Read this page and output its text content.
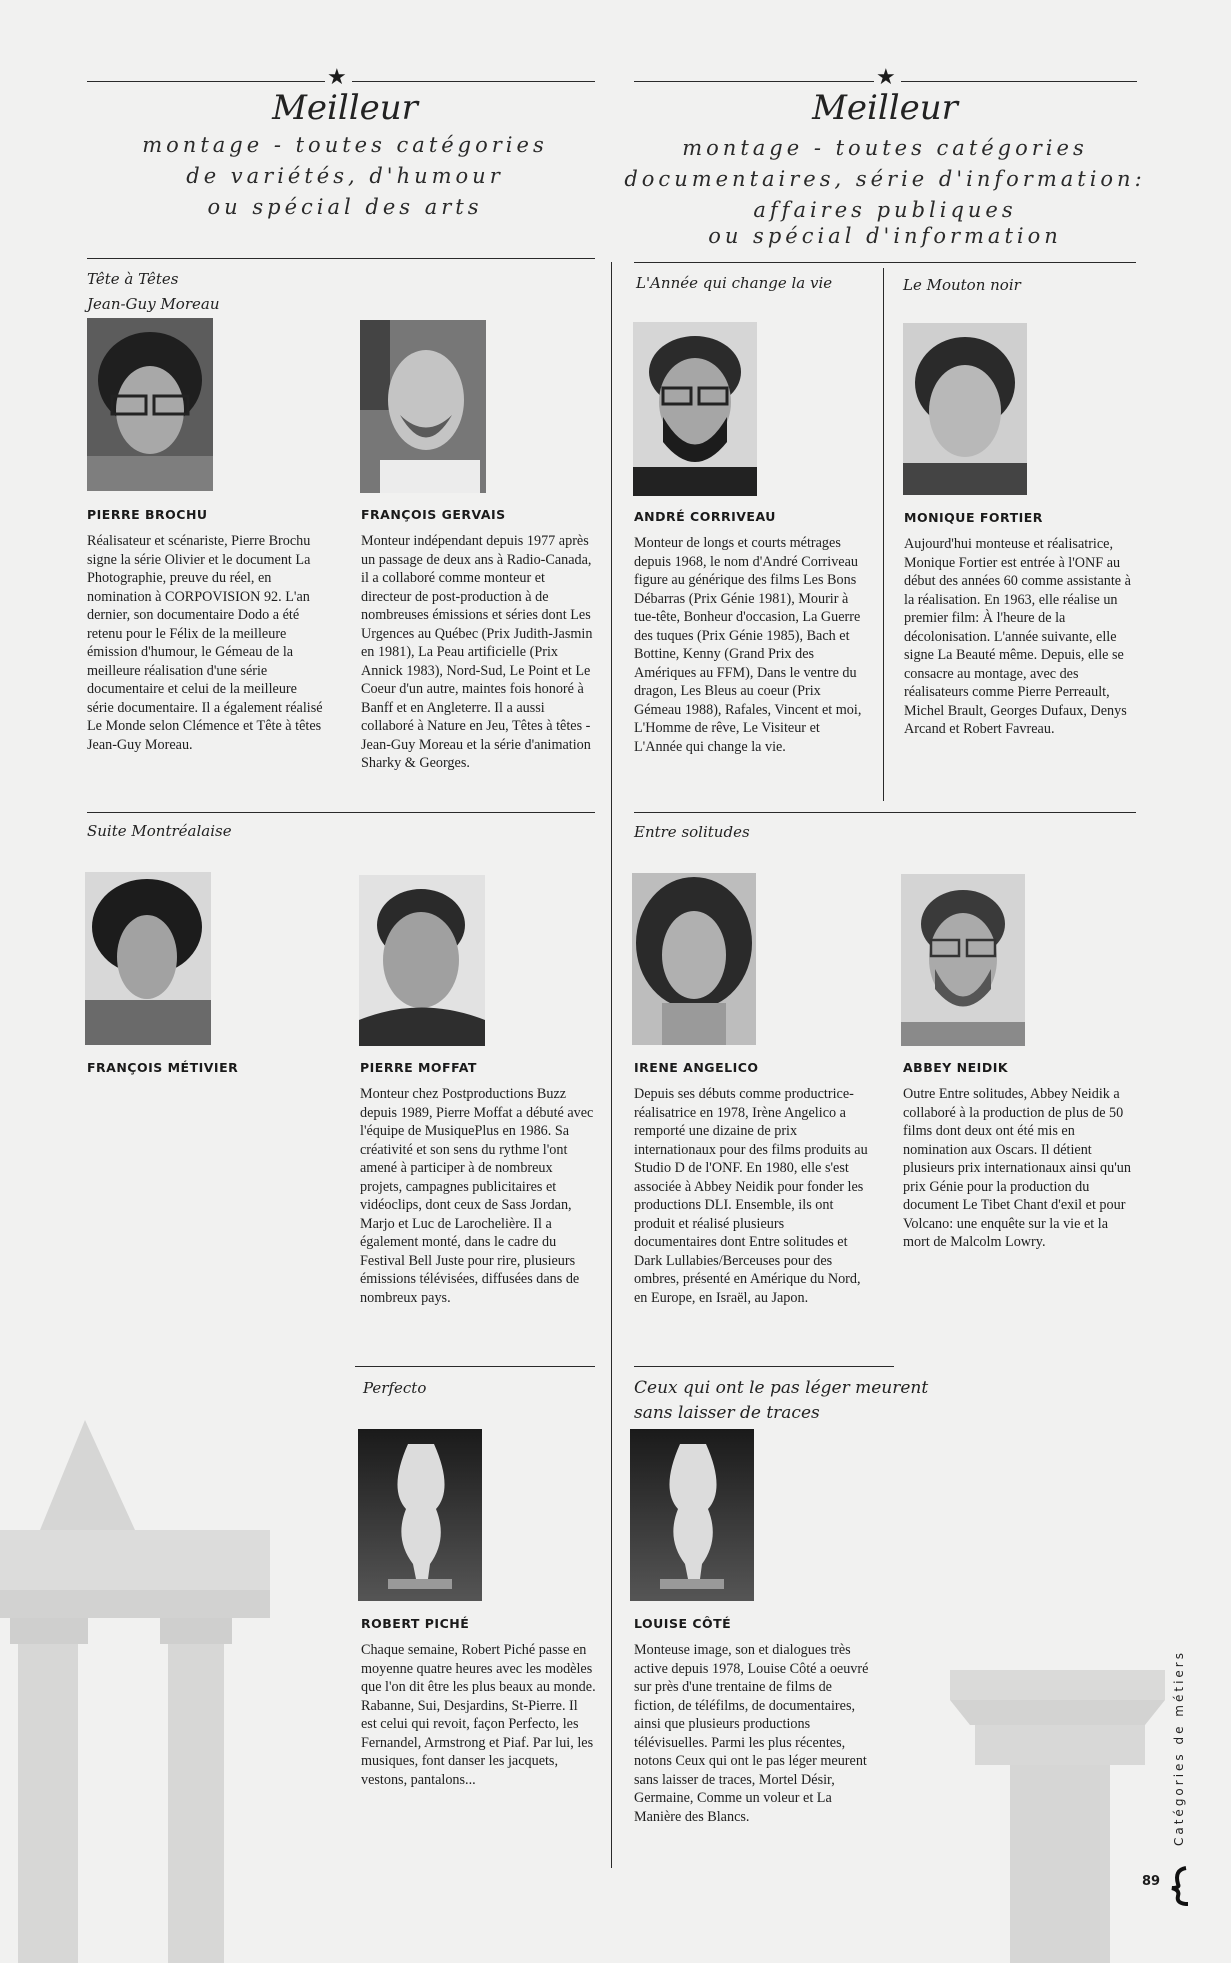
★
Meilleur
montage - toutes catégories
de variétés, d'humour
ou spécial des arts
★
Meilleur
montage - toutes catégories
documentaires, série d'information:
affaires publiques
ou spécial d'information
Tête à Têtes
Jean-Guy Moreau
PIERRE BROCHU	FRANÇOIS GERVAIS
Réalisateur et scénariste, Pierre Brochu signe la série Olivier et le document La Photographie, preuve du réel, en nomination à CORPOVISION 92. L'an dernier, son documentaire Dodo a été retenu pour le Félix de la meilleure émission d'humour, le Gémeau de la meilleure réalisation d'une série documentaire et celui de la meilleure série documentaire. Il a également réalisé Le Monde selon Clémence et Tête à têtes Jean-Guy Moreau.
Monteur indépendant depuis 1977 après un passage de deux ans à Radio-Canada, il a collaboré comme monteur et directeur de post-production à de nombreuses émissions et séries dont Les Urgences au Québec (Prix Judith-Jasmin en 1981), La Peau artificielle (Prix Annick 1983), Nord-Sud, Le Point et Le Coeur d'un autre, maintes fois honoré à Banff et en Angleterre. Il a aussi collaboré à Nature en Jeu, Têtes à têtes - Jean-Guy Moreau et la série d'animation Sharky & Georges.
Suite Montréalaise
FRANÇOIS MÉTIVIER	PIERRE MOFFAT
Monteur chez Postproductions Buzz depuis 1989, Pierre Moffat a débuté avec l'équipe de MusiquePlus en 1986. Sa créativité et son sens du rythme l'ont amené à participer à de nombreux projets, campagnes publicitaires et vidéoclips, dont ceux de Sass Jordan, Marjo et Luc de Larochelière. Il a également monté, dans le cadre du Festival Bell Juste pour rire, plusieurs émissions télévisées, diffusées dans de nombreux pays.
Perfecto
ROBERT PICHÉ
Chaque semaine, Robert Piché passe en moyenne quatre heures avec les modèles que l'on dit être les plus beaux au monde. Rabanne, Sui, Desjardins, St-Pierre. Il est celui qui revoit, façon Perfecto, les Fernandel, Armstrong et Piaf. Par lui, les musiques, font danser les jacquets, vestons, pantalons...
L'Année qui change la vie
ANDRÉ CORRIVEAU
Monteur de longs et courts métrages depuis 1968, le nom d'André Corriveau figure au générique des films Les Bons Débarras (Prix Génie 1981), Mourir à tue-tête, Bonheur d'occasion, La Guerre des tuques (Prix Génie 1985), Bach et Bottine, Kenny (Grand Prix des Amériques au FFM), Dans le ventre du dragon, Les Bleus au coeur (Prix Gémeau 1988), Rafales, Vincent et moi, L'Homme de rêve, Le Visiteur et L'Année qui change la vie.
Le Mouton noir
MONIQUE FORTIER
Aujourd'hui monteuse et réalisatrice, Monique Fortier est entrée à l'ONF au début des années 60 comme assistante à la réalisation. En 1963, elle réalise un premier film: À l'heure de la décolonisation. L'année suivante, elle signe La Beauté même. Depuis, elle se consacre au montage, avec des réalisateurs comme Pierre Perreault, Michel Brault, Georges Dufaux, Denys Arcand et Robert Favreau.
Entre solitudes
IRENE ANGELICO	ABBEY NEIDIK
Depuis ses débuts comme productrice-réalisatrice en 1978, Irène Angelico a remporté une dizaine de prix internationaux pour des films produits au Studio D de l'ONF. En 1980, elle s'est associée à Abbey Neidik pour fonder les productions DLI. Ensemble, ils ont produit et réalisé plusieurs documentaires dont Entre solitudes et Dark Lullabies/Berceuses pour des ombres, présenté en Amérique du Nord, en Europe, en Israël, au Japon.
Outre Entre solitudes, Abbey Neidik a collaboré à la production de plus de 50 films dont deux ont été mis en nomination aux Oscars. Il détient plusieurs prix internationaux ainsi qu'un prix Génie pour la production du document Le Tibet Chant d'exil et pour Volcano: une enquête sur la vie et la mort de Malcolm Lowry.
Ceux qui ont le pas léger meurent
sans laisser de traces
LOUISE CÔTÉ
Monteuse image, son et dialogues très active depuis 1978, Louise Côté a oeuvré sur près d'une trentaine de films de fiction, de téléfilms, de documentaires, ainsi que plusieurs productions télévisuelles. Parmi les plus récentes, notons Ceux qui ont le pas léger meurent sans laisser de traces, Mortel Désir, Germaine, Comme un voleur et La Manière des Blancs.	Catégories de métiers
89
